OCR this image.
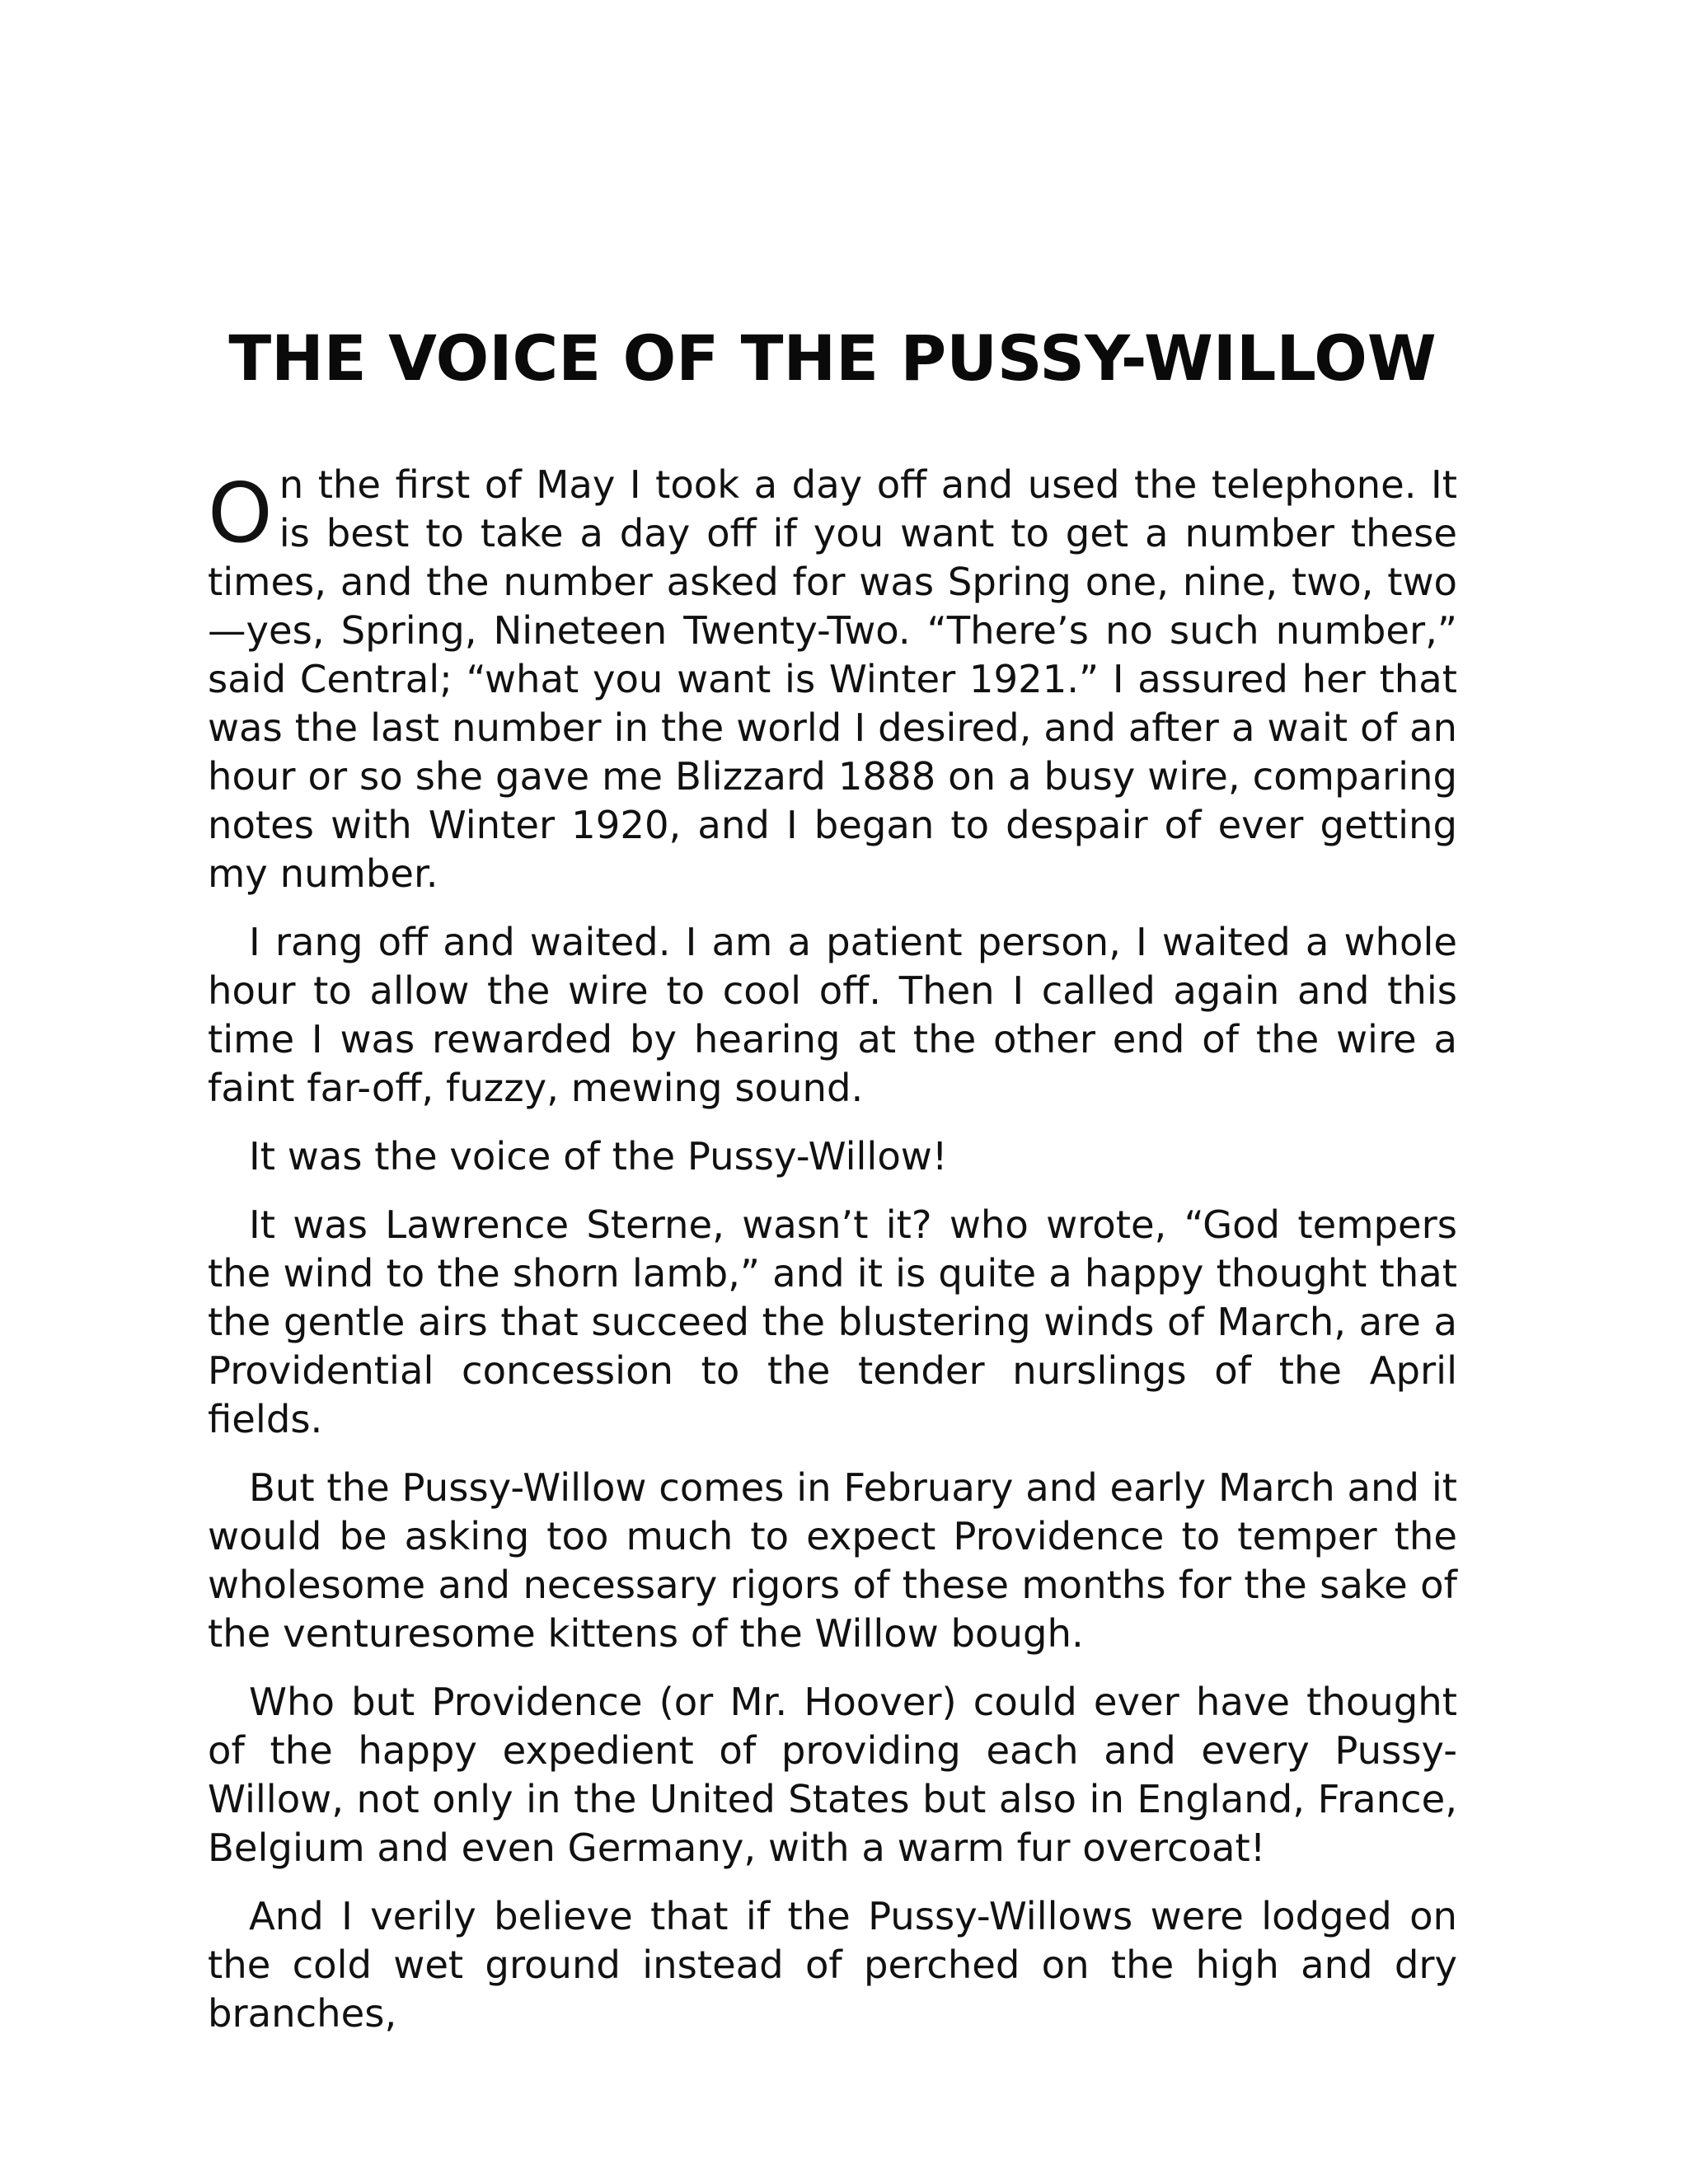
THE VOICE OF THE PUSSY-WILLOW

On the first of May I took a day off and used the telephone. It is best to take a day off if you want to get a number these times, and the number asked for was Spring one, nine, two, two—yes, Spring, Nineteen Twenty-Two. “There’s no such number,” said Central; “what you want is Winter 1921.” I assured her that was the last number in the world I desired, and after a wait of an hour or so she gave me Blizzard 1888 on a busy wire, comparing notes with Winter 1920, and I began to despair of ever getting my number.

I rang off and waited. I am a patient person, I waited a whole hour to allow the wire to cool off. Then I called again and this time I was rewarded by hearing at the other end of the wire a faint far-off, fuzzy, mewing sound.

It was the voice of the Pussy-Willow!

It was Lawrence Sterne, wasn’t it? who wrote, “God tempers the wind to the shorn lamb,” and it is quite a happy thought that the gentle airs that succeed the blustering winds of March, are a Providential concession to the tender nurslings of the April fields.

But the Pussy-Willow comes in February and early March and it would be asking too much to expect Providence to temper the wholesome and necessary rigors of these months for the sake of the venturesome kittens of the Willow bough.

Who but Providence (or Mr. Hoover) could ever have thought of the happy expedient of providing each and every Pussy-Willow, not only in the United States but also in England, France, Belgium and even Germany, with a warm fur overcoat!

And I verily believe that if the Pussy-Willows were lodged on the cold wet ground instead of perched on the high and dry branches,
